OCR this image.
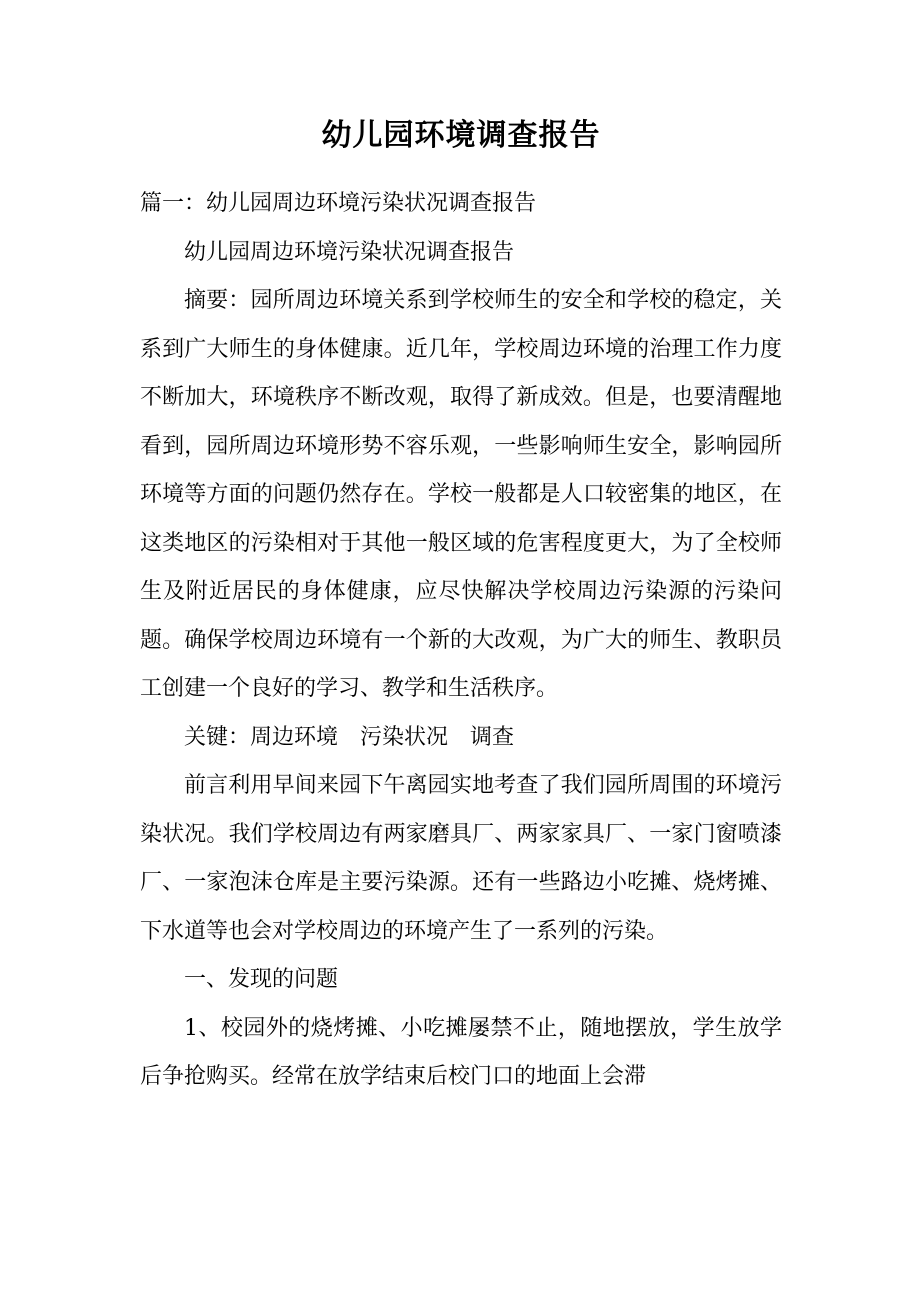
幼儿园环境调查报告

篇一：幼儿园周边环境污染状况调查报告

幼儿园周边环境污染状况调查报告

摘要：园所周边环境关系到学校师生的安全和学校的稳定，关系到广大师生的身体健康。近几年，学校周边环境的治理工作力度不断加大，环境秩序不断改观，取得了新成效。但是，也要清醒地看到，园所周边环境形势不容乐观，一些影响师生安全，影响园所环境等方面的问题仍然存在。学校一般都是人口较密集的地区，在这类地区的污染相对于其他一般区域的危害程度更大，为了全校师生及附近居民的身体健康，应尽快解决学校周边污染源的污染问题。确保学校周边环境有一个新的大改观，为广大的师生、教职员工创建一个良好的学习、教学和生活秩序。

关键：周边环境　污染状况　调查

前言利用早间来园下午离园实地考查了我们园所周围的环境污染状况。我们学校周边有两家磨具厂、两家家具厂、一家门窗喷漆厂、一家泡沫仓库是主要污染源。还有一些路边小吃摊、烧烤摊、下水道等也会对学校周边的环境产生了一系列的污染。

一、发现的问题

1、校园外的烧烤摊、小吃摊屡禁不止，随地摆放，学生放学后争抢购买。经常在放学结束后校门口的地面上会滞
